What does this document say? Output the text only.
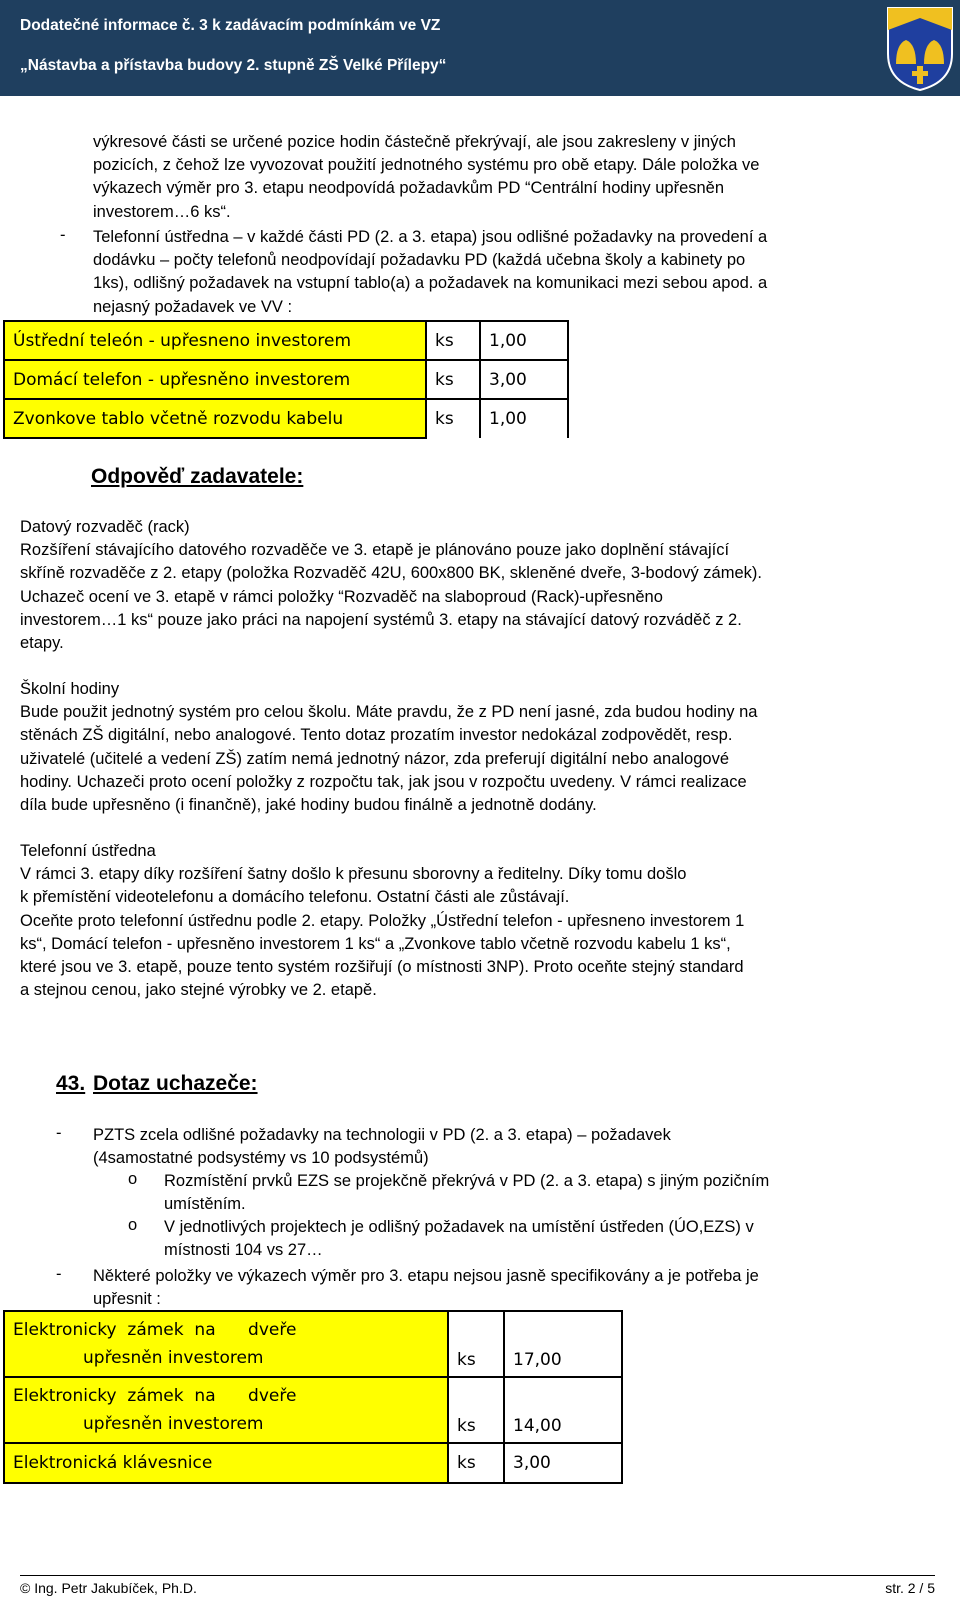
Dodatečné informace č. 3 k zadávacím podmínkám ve VZ
„Nástavba a přístavba budovy 2. stupně ZŠ Velké Přílepy“
výkresové části se určené pozice hodin částečně překrývají, ale jsou zakresleny v jiných
pozicích, z čehož lze vyvozovat použití jednotného systému pro obě etapy. Dále položka ve
výkazech výměr pro 3. etapu neodpovídá požadavkům PD “Centrální hodiny upřesněn
investorem…6 ks“.
- Telefonní ústředna – v každé části PD (2. a 3. etapa) jsou odlišné požadavky na provedení a
dodávku – počty telefonů neodpovídají požadavku PD (každá učebna školy a kabinety po
1ks), odlišný požadavek na vstupní tablo(a) a požadavek na komunikaci mezi sebou apod. a
nejasný požadavek ve VV :
Ústřední teleón - upřesneno investorem	ks	1,00
Domácí telefon - upřesněno investorem	ks	3,00
Zvonkove tablo včetně rozvodu kabelu	ks	1,00
Odpověď zadavatele:
Datový rozvaděč (rack)
Rozšíření stávajícího datového rozvaděče ve 3. etapě je plánováno pouze jako doplnění stávající
skříně rozvaděče z 2. etapy (položka Rozvaděč 42U, 600x800 BK, skleněné dveře, 3-bodový zámek).
Uchazeč ocení ve 3. etapě v rámci položky “Rozvaděč na slaboproud (Rack)-upřesněno
investorem…1 ks“ pouze jako práci na napojení systémů 3. etapy na stávající datový rozváděč z 2.
etapy.
Školní hodiny
Bude použit jednotný systém pro celou školu. Máte pravdu, že z PD není jasné, zda budou hodiny na
stěnách ZŠ digitální, nebo analogové. Tento dotaz prozatím investor nedokázal zodpovědět, resp.
uživatelé (učitelé a vedení ZŠ) zatím nemá jednotný názor, zda preferují digitální nebo analogové
hodiny. Uchazeči proto ocení položky z rozpočtu tak, jak jsou v rozpočtu uvedeny. V rámci realizace
díla bude upřesněno (i finančně), jaké hodiny budou finálně a jednotně dodány.
Telefonní ústředna
V rámci 3. etapy díky rozšíření šatny došlo k přesunu sborovny a ředitelny. Díky tomu došlo
k přemístění videotelefonu a domácího telefonu. Ostatní části ale zůstávají.
Oceňte proto telefonní ústřednu podle 2. etapy. Položky „Ústřední telefon - upřesneno investorem 1
ks“, Domácí telefon - upřesněno investorem 1 ks“ a „Zvonkove tablo včetně rozvodu kabelu 1 ks“,
které jsou ve 3. etapě, pouze tento systém rozšiřují (o místnosti 3NP). Proto oceňte stejný standard
a stejnou cenou, jako stejné výrobky ve 2. etapě.
43. Dotaz uchazeče:
- PZTS zcela odlišné požadavky na technologii v PD (2. a 3. etapa) – požadavek
(4samostatné podsystémy vs 10 podsystémů)
o Rozmístění prvků EZS se projekčně překrývá v PD (2. a 3. etapa) s jiným pozičním
umístěním.
o V jednotlivých projektech je odlišný požadavek na umístění ústředen (ÚO,EZS) v
místnosti 104 vs 27…
- Některé položky ve výkazech výměr pro 3. etapu nejsou jasně specifikovány a je potřeba je
upřesnit :
Elektronicky  zámek  na      dveře
upřesněn investorem	ks	17,00

Elektronicky  zámek  na      dveře
upřesněn investorem	ks	14,00
Elektronická klávesnice	ks	3,00
© Ing. Petr Jakubíček, Ph.D.	str. 2 / 5
